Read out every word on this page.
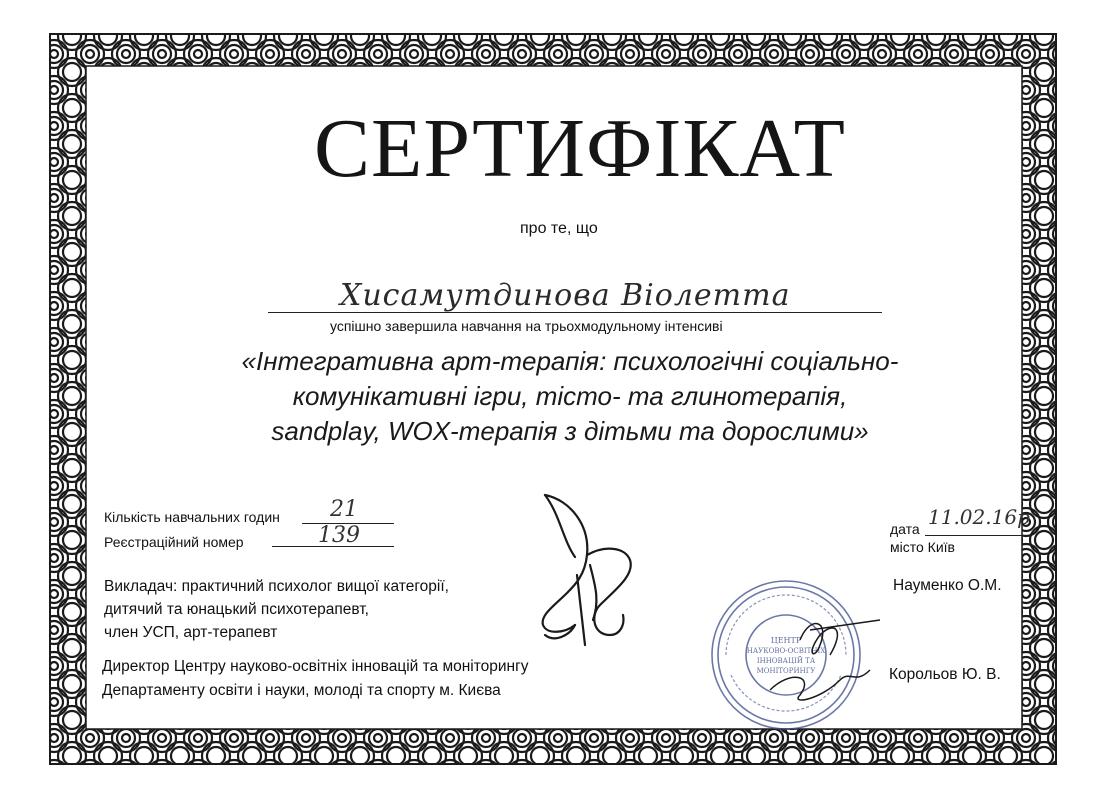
СЕРТИФІКАТ
про те, що
Хисамутдинова Віолетта
успішно завершила навчання на трьохмодульному інтенсиві
«Інтегративна арт-терапія: психологічні соціально-
комунікативні ігри, тісто- та глинотерапія,
sandplay, WOX-терапія з дітьми та дорослими»
Кількість навчальних годин 21
Реєстраційний номер	139
Викладач: практичний психолог вищої категорії,
дитячий та юнацький психотерапевт,
член УСП, арт-терапевт
Директор Центру науково-освітніх інновацій та моніторингу
Департаменту освіти і науки, молоді та спорту м. Києва
дата 11.02.16р
місто Київ
Науменко О.М.
Корольов Ю. В.
ЦЕНТР
НАУКОВО-ОСВІТНІХ
ІННОВАЦІЙ ТА
МОНІТОРИНГУ
